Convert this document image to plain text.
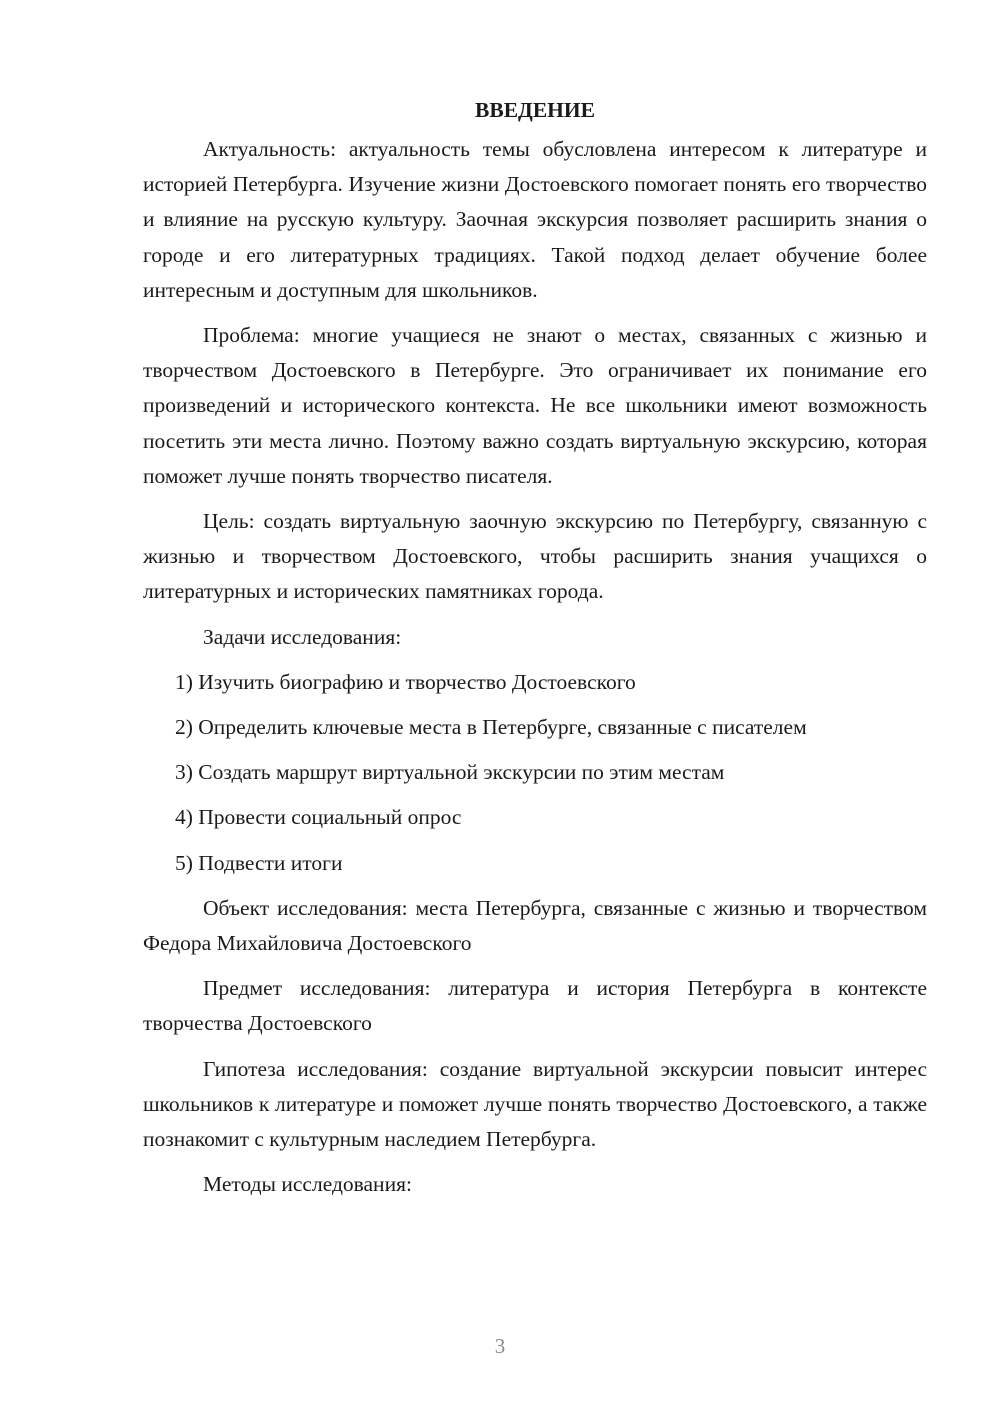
ВВЕДЕНИЕ

Актуальность: актуальность темы обусловлена интересом к литературе и историей Петербурга. Изучение жизни Достоевского помогает понять его творчество и влияние на русскую культуру. Заочная экскурсия позволяет расширить знания о городе и его литературных традициях. Такой подход делает обучение более интересным и доступным для школьников.

Проблема: многие учащиеся не знают о местах, связанных с жизнью и творчеством Достоевского в Петербурге. Это ограничивает их понимание его произведений и исторического контекста. Не все школьники имеют возможность посетить эти места лично. Поэтому важно создать виртуальную экскурсию, которая поможет лучше понять творчество писателя.

Цель: создать виртуальную заочную экскурсию по Петербургу, связанную с жизнью и творчеством Достоевского, чтобы расширить знания учащихся о литературных и исторических памятниках города.

Задачи исследования:

1) Изучить биографию и творчество Достоевского
2) Определить ключевые места в Петербурге, связанные с писателем
3) Создать маршрут виртуальной экскурсии по этим местам
4) Провести социальный опрос
5) Подвести итоги

Объект исследования: места Петербурга, связанные с жизнью и творчеством Федора Михайловича Достоевского

Предмет исследования: литература и история Петербурга в контексте творчества Достоевского

Гипотеза исследования: создание виртуальной экскурсии повысит интерес школьников к литературе и поможет лучше понять творчество Достоевского, а также познакомит с культурным наследием Петербурга.

Методы исследования:

3
